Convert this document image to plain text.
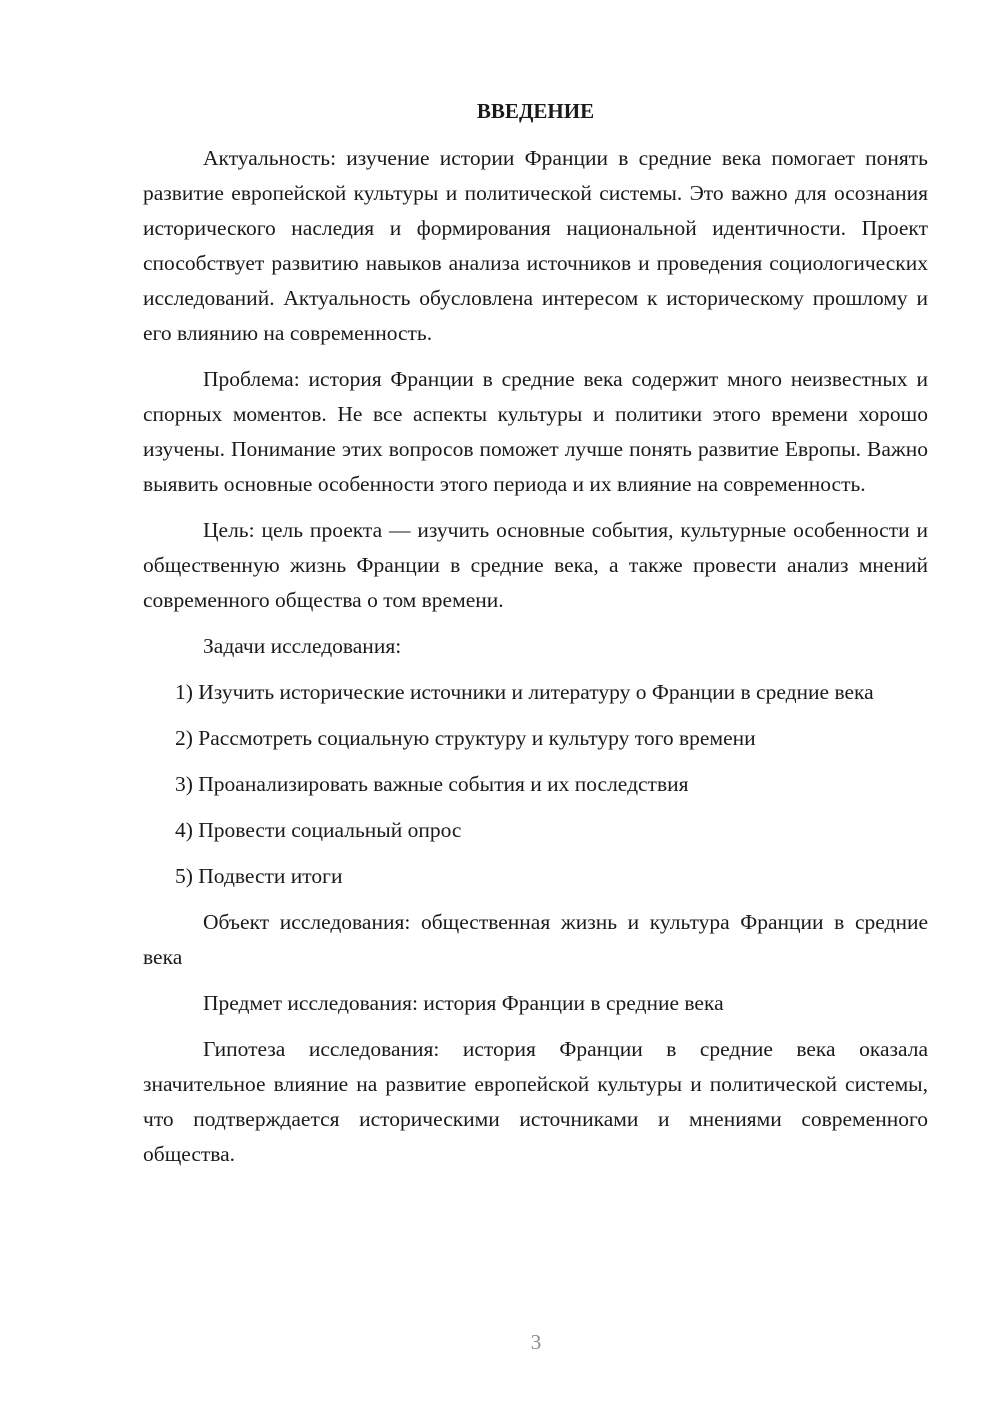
ВВЕДЕНИЕ

Актуальность: изучение истории Франции в средние века помогает понять развитие европейской культуры и политической системы. Это важно для осознания исторического наследия и формирования национальной идентичности. Проект способствует развитию навыков анализа источников и проведения социологических исследований. Актуальность обусловлена интересом к историческому прошлому и его влиянию на современность.

Проблема: история Франции в средние века содержит много неизвестных и спорных моментов. Не все аспекты культуры и политики этого времени хорошо изучены. Понимание этих вопросов поможет лучше понять развитие Европы. Важно выявить основные особенности этого периода и их влияние на современность.

Цель: цель проекта — изучить основные события, культурные особенности и общественную жизнь Франции в средние века, а также провести анализ мнений современного общества о том времени.

Задачи исследования:

1) Изучить исторические источники и литературу о Франции в средние века

2) Рассмотреть социальную структуру и культуру того времени

3) Проанализировать важные события и их последствия

4) Провести социальный опрос

5) Подвести итоги

Объект исследования: общественная жизнь и культура Франции в средние века

Предмет исследования: история Франции в средние века

Гипотеза исследования: история Франции в средние века оказала значительное влияние на развитие европейской культуры и политической системы, что подтверждается историческими источниками и мнениями современного общества.

3
